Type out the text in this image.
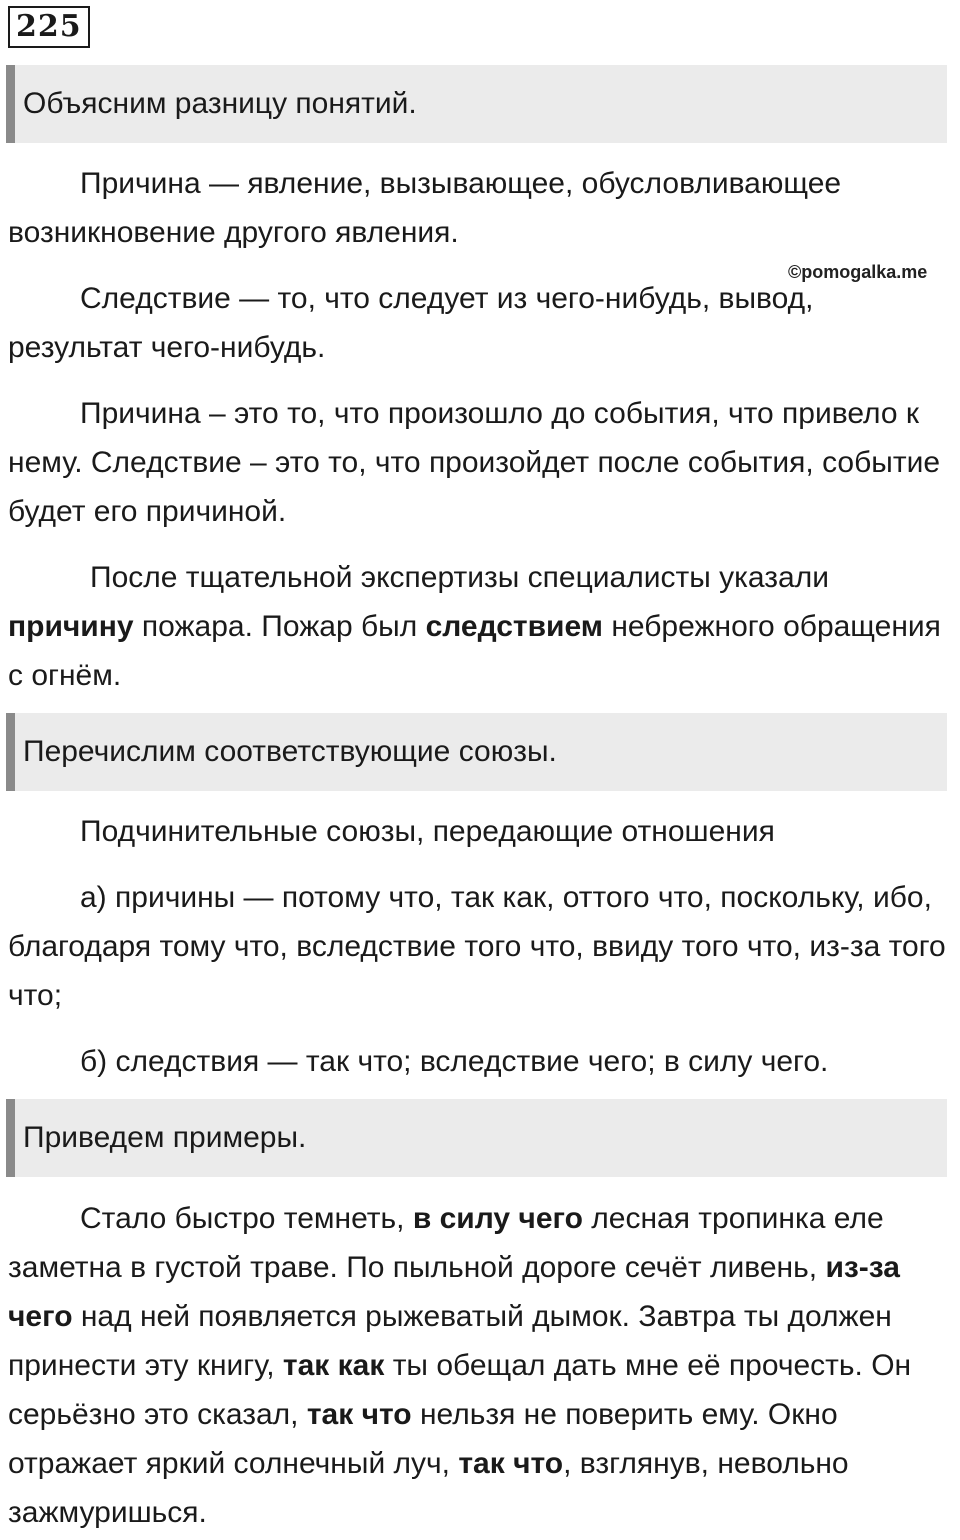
225
Объясним разницу понятий.

Причина — явление, вызывающее, обусловливающее возникновение другого явления.

©pomogalka.me

Следствие — то, что следует из чего-нибудь, вывод, результат чего-нибудь.

Причина – это то, что произошло до события, что привело к нему. Следствие – это то, что произойдет после события, событие будет его причиной.

После тщательной экспертизы специалисты указали причину пожара. Пожар был следствием небрежного обращения с огнём.

Перечислим соответствующие союзы.

Подчинительные союзы, передающие отношения

а) причины — потому что, так как, оттого что, поскольку, ибо, благодаря тому что, вследствие того что, ввиду того что, из-за того что;

б) следствия — так что; вследствие чего; в силу чего.

Приведем примеры.

Стало быстро темнеть, в силу чего лесная тропинка еле заметна в густой траве. По пыльной дороге сечёт ливень, из-за чего над ней появляется рыжеватый дымок. Завтра ты должен принести эту книгу, так как ты обещал дать мне её прочесть. Он серьёзно это сказал, так что нельзя не поверить ему. Окно отражает яркий солнечный луч, так что, взглянув, невольно зажмуришься.
